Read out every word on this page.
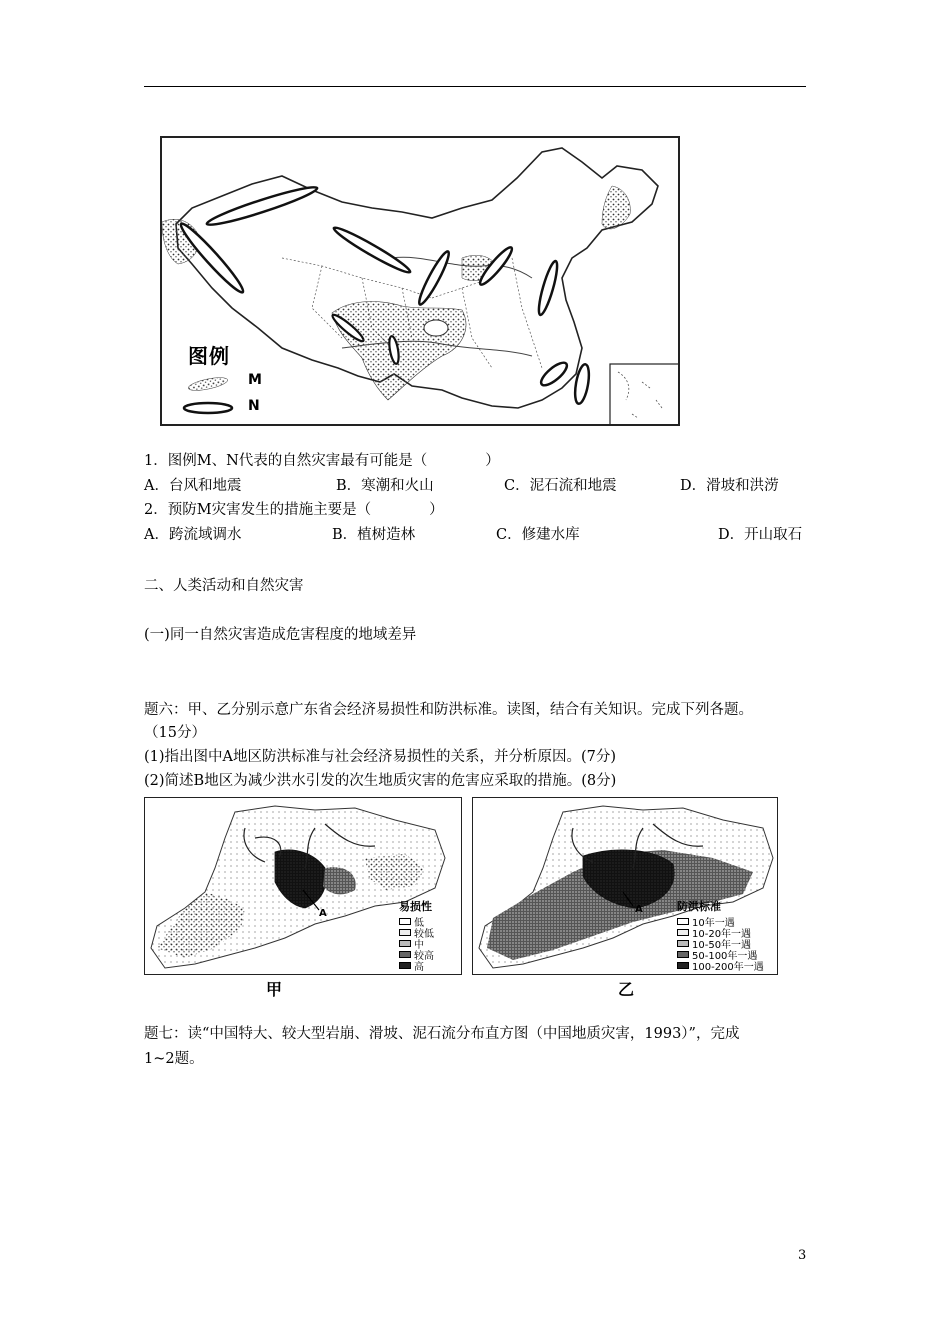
图例
M
N
1．图例M、N代表的自然灾害最有可能是（　　　　）
A．台风和地震	B．寒潮和火山	C．泥石流和地震	D．滑坡和洪涝
2．预防M灾害发生的措施主要是（　　　　）
A．跨流域调水	B．植树造林	C．修建水库	D．开山取石
二、人类活动和自然灾害
(一)同一自然灾害造成危害程度的地域差异
题六：甲、乙分别示意广东省会经济易损性和防洪标准。读图，结合有关知识。完成下列各题。
（15分）
(1)指出图中A地区防洪标准与社会经济易损性的关系，并分析原因。(7分)
(2)简述B地区为减少洪水引发的次生地质灾害的危害应采取的措施。(8分)
A
易损性
低
较低
中
较高
高
甲
A	防洪标准
10年一遇
10-20年一遇
10-50年一遇
50-100年一遇
100-200年一遇
乙
题七：读“中国特大、较大型岩崩、滑坡、泥石流分布直方图（中国地质灾害，1993）”，完成
1~2题。
3
